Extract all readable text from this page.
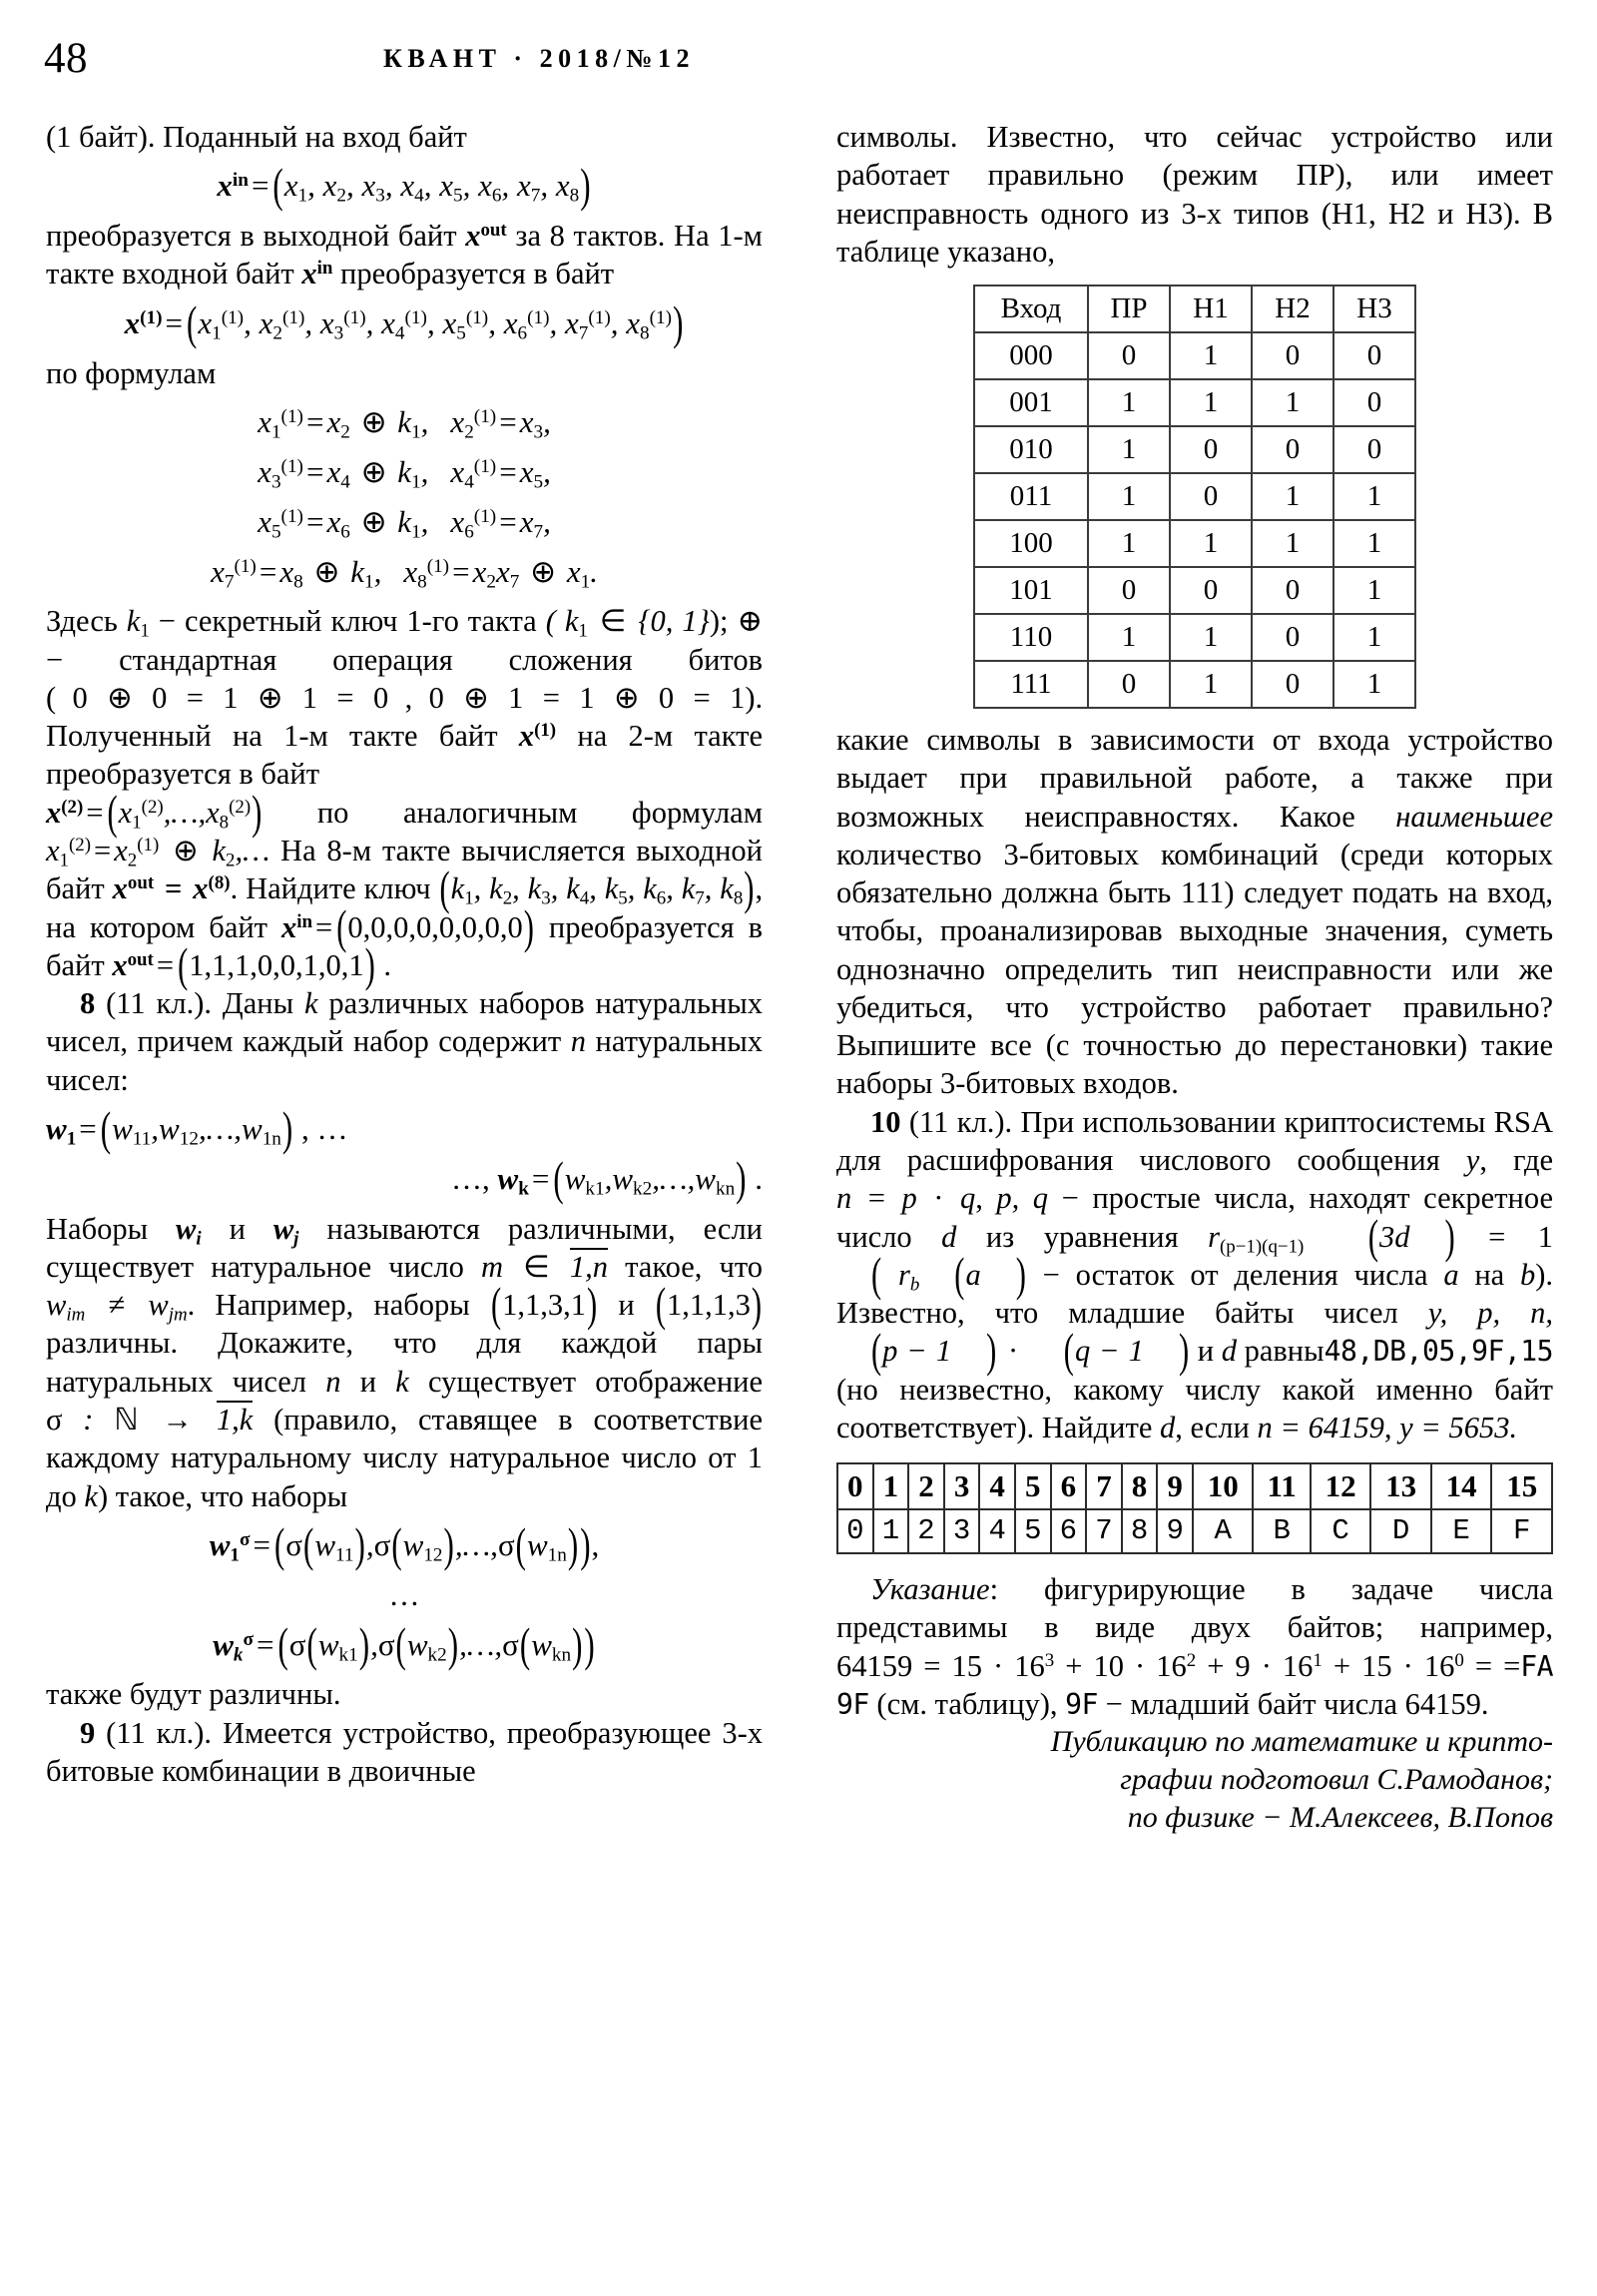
48	КВАНТ · 2018/№12

(1 байт). Поданный на вход байт

$x^{in}= (x_1$, $x_2$, $x_3$, $x_4$, $x_5$, $x_6$, $x_7$, $x_8$)

преобразуется в выходной байт $x^{out}$ за 8 тактов. На 1-м такте входной байт $x^{in}$ преобразуется в байт

$x^{(1)}= (x_1^{(1)}$, $x_2^{(1)}$, $x_3^{(1)}$, $x_4^{(1)}$, $x_5^{(1)}$, $x_6^{(1)}$, $x_7^{(1)}$, $x_8^{(1)}$)

по формулам

$x_1^{(1)}=x_2$ ⊕ $k_1$, $x_2^{(1)}=x_3$,
$x_3^{(1)}=x_4$ ⊕ $k_1$, $x_4^{(1)}=x_5$,
$x_5^{(1)}=x_6$ ⊕ $k_1$, $x_6^{(1)}=x_7$,
$x_7^{(1)}=x_8$ ⊕ $k_1$, $x_8^{(1)}=x_2x_7$ ⊕ $x_1$.

Здесь $k_1$ − секретный ключ 1-го такта ( $k_1$ ∈ {0, 1}); ⊕ − стандартная операция сложения битов ( 0 ⊕ 0 = 1 ⊕ 1 = 0 , 0 ⊕ 1 = 1 ⊕ 0 = 1). Полученный на 1-м такте байт $x^{(1)}$ на 2-м такте преобразуется в байт

$x^{(2)}=$ $(x_1^{(2)},\dots,x_8^{(2)})$ по аналогичным формулам $x_1^{(2)}=x_2^{(1)}$ ⊕ $k_2,\dots$ На 8-м такте вычисляется выходной байт $x^{out} = x^{(8)}$. Найдите ключ ($k_1$, $k_2$, $k_3$, $k_4$, $k_5$, $k_6$, $k_7$, $k_8$), на котором байт $x^{in}= (0,0,0,0,0,0,0,0)$ преобразуется в байт $x^{out}= (1,1,1,0,0,1,0,1)$ .

8 (11 кл.). Даны k различных наборов натуральных чисел, причем каждый набор содержит n натуральных чисел:

$w_1=$ $(w_{11},w_{12},\dots,w_{1n})$ , …
…, $w_k=$ $(w_{k1},w_{k2},\dots,w_{kn})$ .

Наборы $w_i$ и $w_j$ называются различными, если существует натуральное число m ∈ 1,n такое, что $w_{im} \ne w_{jm}$. Например, наборы (1,1,3,1) и (1,1,1,3) различны. Докажите, что для каждой пары натуральных чисел n и k существует отображение σ : ℕ → 1,k (правило, ставящее в соответствие каждому натуральному числу натуральное число от 1 до k) такое, что наборы

$w_1^\sigma=$ $(\sigma(w_{11}),\sigma(w_{12}),\dots,\sigma(w_{1n}))$,
…
$w_k^\sigma=$ $(\sigma(w_{k1}),\sigma(w_{k2}),\dots,\sigma(w_{kn}))$

также будут различны.

9 (11 кл.). Имеется устройство, преобразующее 3-х битовые комбинации в двоичные

символы. Известно, что сейчас устройство или работает правильно (режим ПР), или имеет неисправность одного из 3-х типов (Н1, Н2 и Н3). В таблице указано,

Вход	ПР	Н1	Н2	Н3
000	0	1	0	0
001	1	1	1	0
010	1	0	0	0
011	1	0	1	1
100	1	1	1	1
101	0	0	0	1
110	1	1	0	1
111	0	1	0	1

какие символы в зависимости от входа устройство выдает при правильной работе, а также при возможных неисправностях. Какое наименьшее количество 3-битовых комбинаций (среди которых обязательно должна быть 111) следует подать на вход, чтобы, проанализировав выходные значения, суметь однозначно определить тип неисправности или же убедиться, что устройство работает правильно? Выпишите все (с точностью до перестановки) такие наборы 3-битовых входов.

10 (11 кл.). При использовании криптосистемы RSA для расшифрования числового сообщения y, где n = p · q, p, q − простые числа, находят секретное число d из уравнения $r_{(p-1)(q-1)}$ (3d ) = 1 ( $r_b$ (a ) − остаток от деления числа a на b). Известно, что младшие байты чисел y, p, n, (p − 1 ) · (q − 1 ) и d равны48,DB,05,9F,15 (но неизвестно, какому числу какой именно байт соответствует). Найдите d, если n = 64159, y = 5653.

0	1	2	3	4	5	6	7	8	9	10	11	12	13	14	15
0	1	2	3	4	5	6	7	8	9	A	B	C	D	E	F

Указание: фигурирующие в задаче числа представимы в виде двух байтов; например, $64159 = 15 \cdot 16^3 + 10 \cdot 16^2 + 9 \cdot 16^1 + 15 \cdot 16^0 = =FA$ 9F (см. таблицу), 9F − младший байт числа 64159.

Публикацию по математике и крипто-
графии подготовил С.Рамоданов;
по физике − М.Алексеев, В.Попов
